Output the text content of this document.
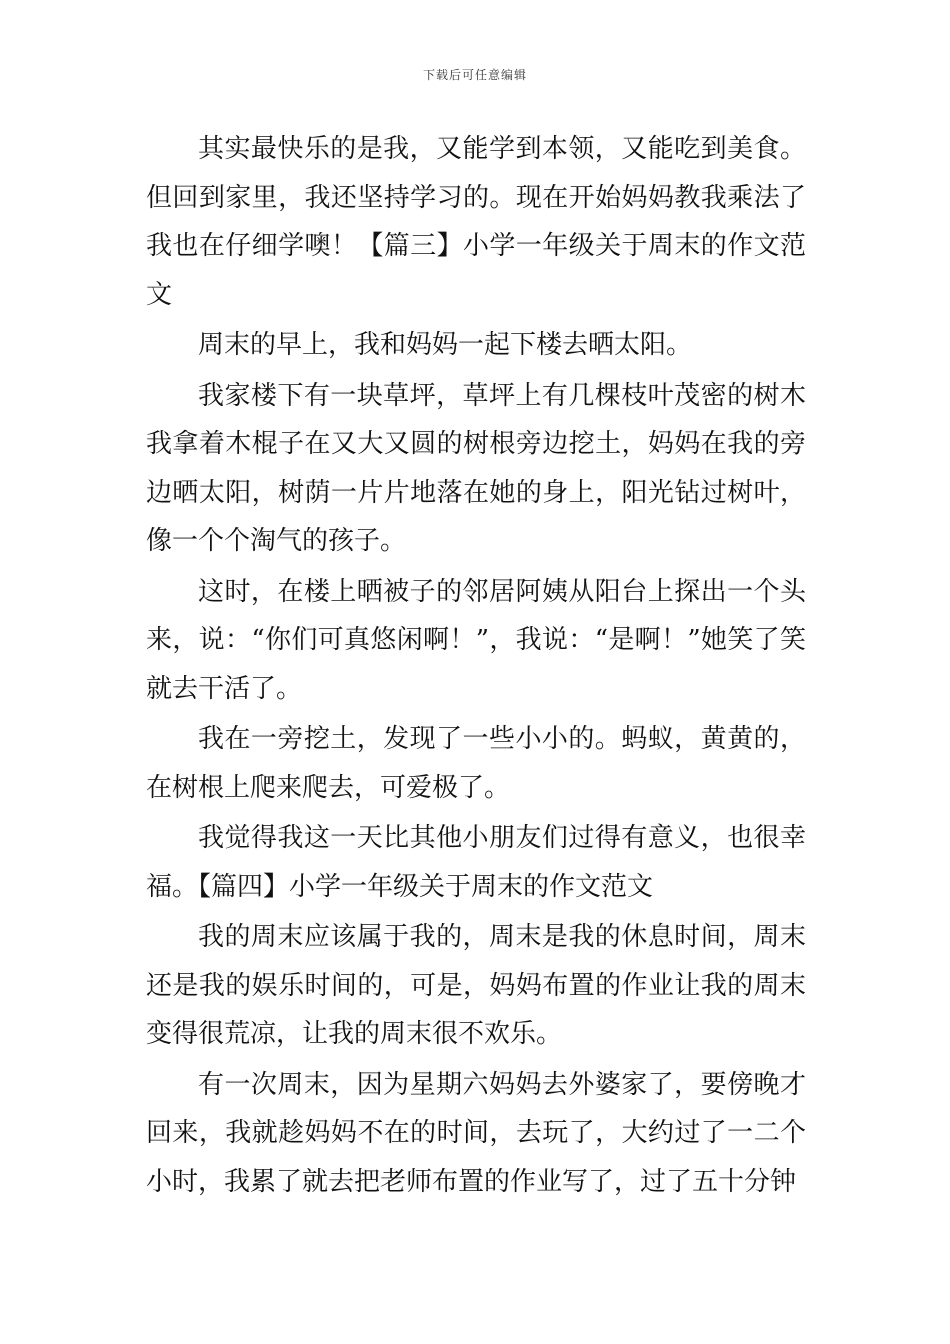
下载后可任意编辑

其实最快乐的是我，又能学到本领，又能吃到美食。但回到家里，我还坚持学习的。现在开始妈妈教我乘法了我也在仔细学噢！【篇三】小学一年级关于周末的作文范文

周末的早上，我和妈妈一起下楼去晒太阳。

我家楼下有一块草坪，草坪上有几棵枝叶茂密的树木我拿着木棍子在又大又圆的树根旁边挖土，妈妈在我的旁边晒太阳，树荫一片片地落在她的身上，阳光钻过树叶，像一个个淘气的孩子。

这时，在楼上晒被子的邻居阿姨从阳台上探出一个头来，说：“你们可真悠闲啊！”，我说：“是啊！”她笑了笑就去干活了。

我在一旁挖土，发现了一些小小的。蚂蚁，黄黄的，在树根上爬来爬去，可爱极了。

我觉得我这一天比其他小朋友们过得有意义，也很幸福。【篇四】小学一年级关于周末的作文范文

我的周末应该属于我的，周末是我的休息时间，周末还是我的娱乐时间的，可是，妈妈布置的作业让我的周末变得很荒凉，让我的周末很不欢乐。

有一次周末，因为星期六妈妈去外婆家了，要傍晚才回来，我就趁妈妈不在的时间，去玩了，大约过了一二个小时，我累了就去把老师布置的作业写了，过了五十分钟
